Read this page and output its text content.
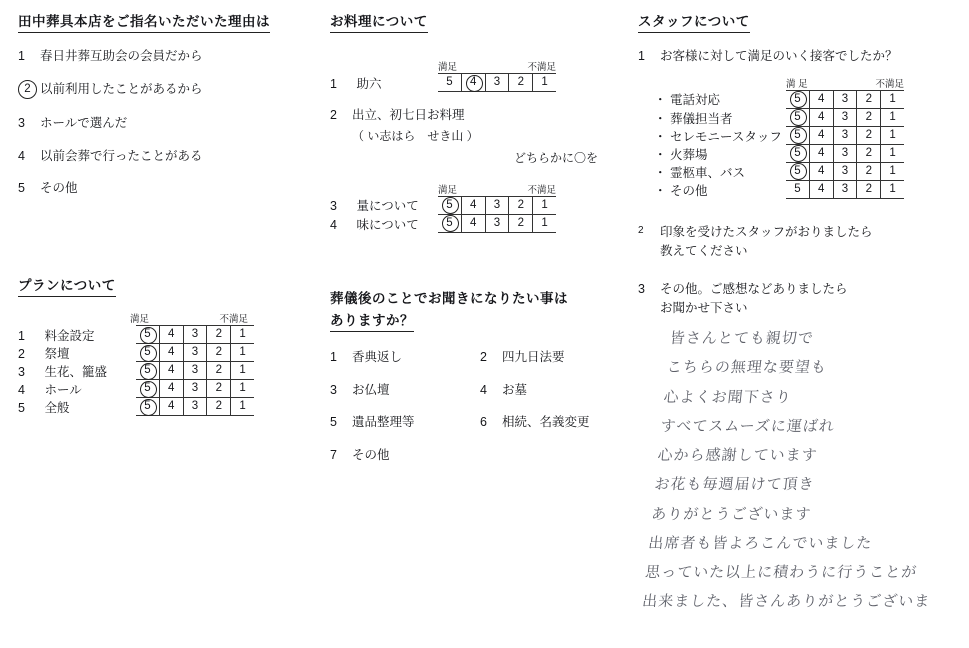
田中葬具本店をご指名いただいた理由は
1	春日井葬互助会の会員だから
2 以前利用したことがあるから
3	ホールで選んだ
4	以前会葬で行ったことがある
5	その他
プランについて
満足	不満足
1 料金設定	5	4	3	2	1
2 祭壇	5	4	3	2	1
3 生花、籠盛	5	4	3	2	1
4 ホール	5	4	3	2	1
5 全般	5	4	3	2	1
お料理について
満足	不満足
1 助六	5	4	3	2	1
2	出立、初七日お料理
（ い志はら　せき山 ）
どちらかに〇を
満足	不満足
3 量について	5	4	3	2	1
4 味について	5	4	3	2	1
葬儀後のことでお聞きになりたい事は
ありますか？
1	香典返し	2	四九日法要
3	お仏壇	4	お墓
5	遺品整理等	6	相続、名義変更
7	その他
スタッフについて
1	お客様に対して満足のいく接客でしたか？
満 足	不満足
・ 電話対応	5	4	3	2	1
・ 葬儀担当者	5	4	3	2	1
・ セレモニースタッフ	5	4	3	2	1
・ 火葬場	5	4	3	2	1
・ 霊柩車、バス	5	4	3	2	1
・ その他	5	4	3	2	1
2	印象を受けたスタッフがおりましたら
教えてください
3	その他。ご感想などありましたら
お聞かせ下さい
皆さんとても親切で
こちらの無理な要望も
心よくお聞下さり
すべてスムーズに運ばれ
心から感謝しています
お花も毎週届けて頂き
ありがとうございます
出席者も皆よろこんでいました
思っていた以上に積わうに行うことが
出来ました、皆さんありがとうございま
